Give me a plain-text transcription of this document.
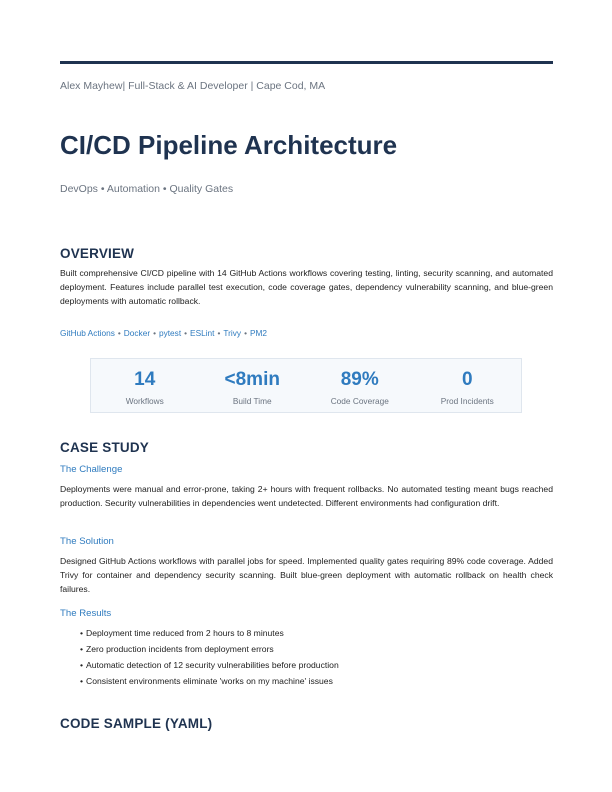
Alex Mayhew| Full-Stack & AI Developer | Cape Cod, MA
CI/CD Pipeline Architecture
DevOps • Automation • Quality Gates
OVERVIEW

Built comprehensive CI/CD pipeline with 14 GitHub Actions workflows covering testing, linting, security scanning, and automated deployment. Features include parallel test execution, code coverage gates, dependency vulnerability scanning, and blue-green deployments with automatic rollback.

GitHub Actions • Docker • pytest • ESLint • Trivy • PM2
14
Workflows
<8min
Build Time
89%
Code Coverage
0
Prod Incidents
CASE STUDY
The Challenge

Deployments were manual and error-prone, taking 2+ hours with frequent rollbacks. No automated testing meant bugs reached production. Security vulnerabilities in dependencies went undetected. Different environments had configuration drift.

The Solution

Designed GitHub Actions workflows with parallel jobs for speed. Implemented quality gates requiring 89% code coverage. Added Trivy for container and dependency security scanning. Built blue-green deployment with automatic rollback on health check failures.

The Results
• Deployment time reduced from 2 hours to 8 minutes
• Zero production incidents from deployment errors
• Automatic detection of 12 security vulnerabilities before production
• Consistent environments eliminate 'works on my machine' issues
CODE SAMPLE (YAML)
